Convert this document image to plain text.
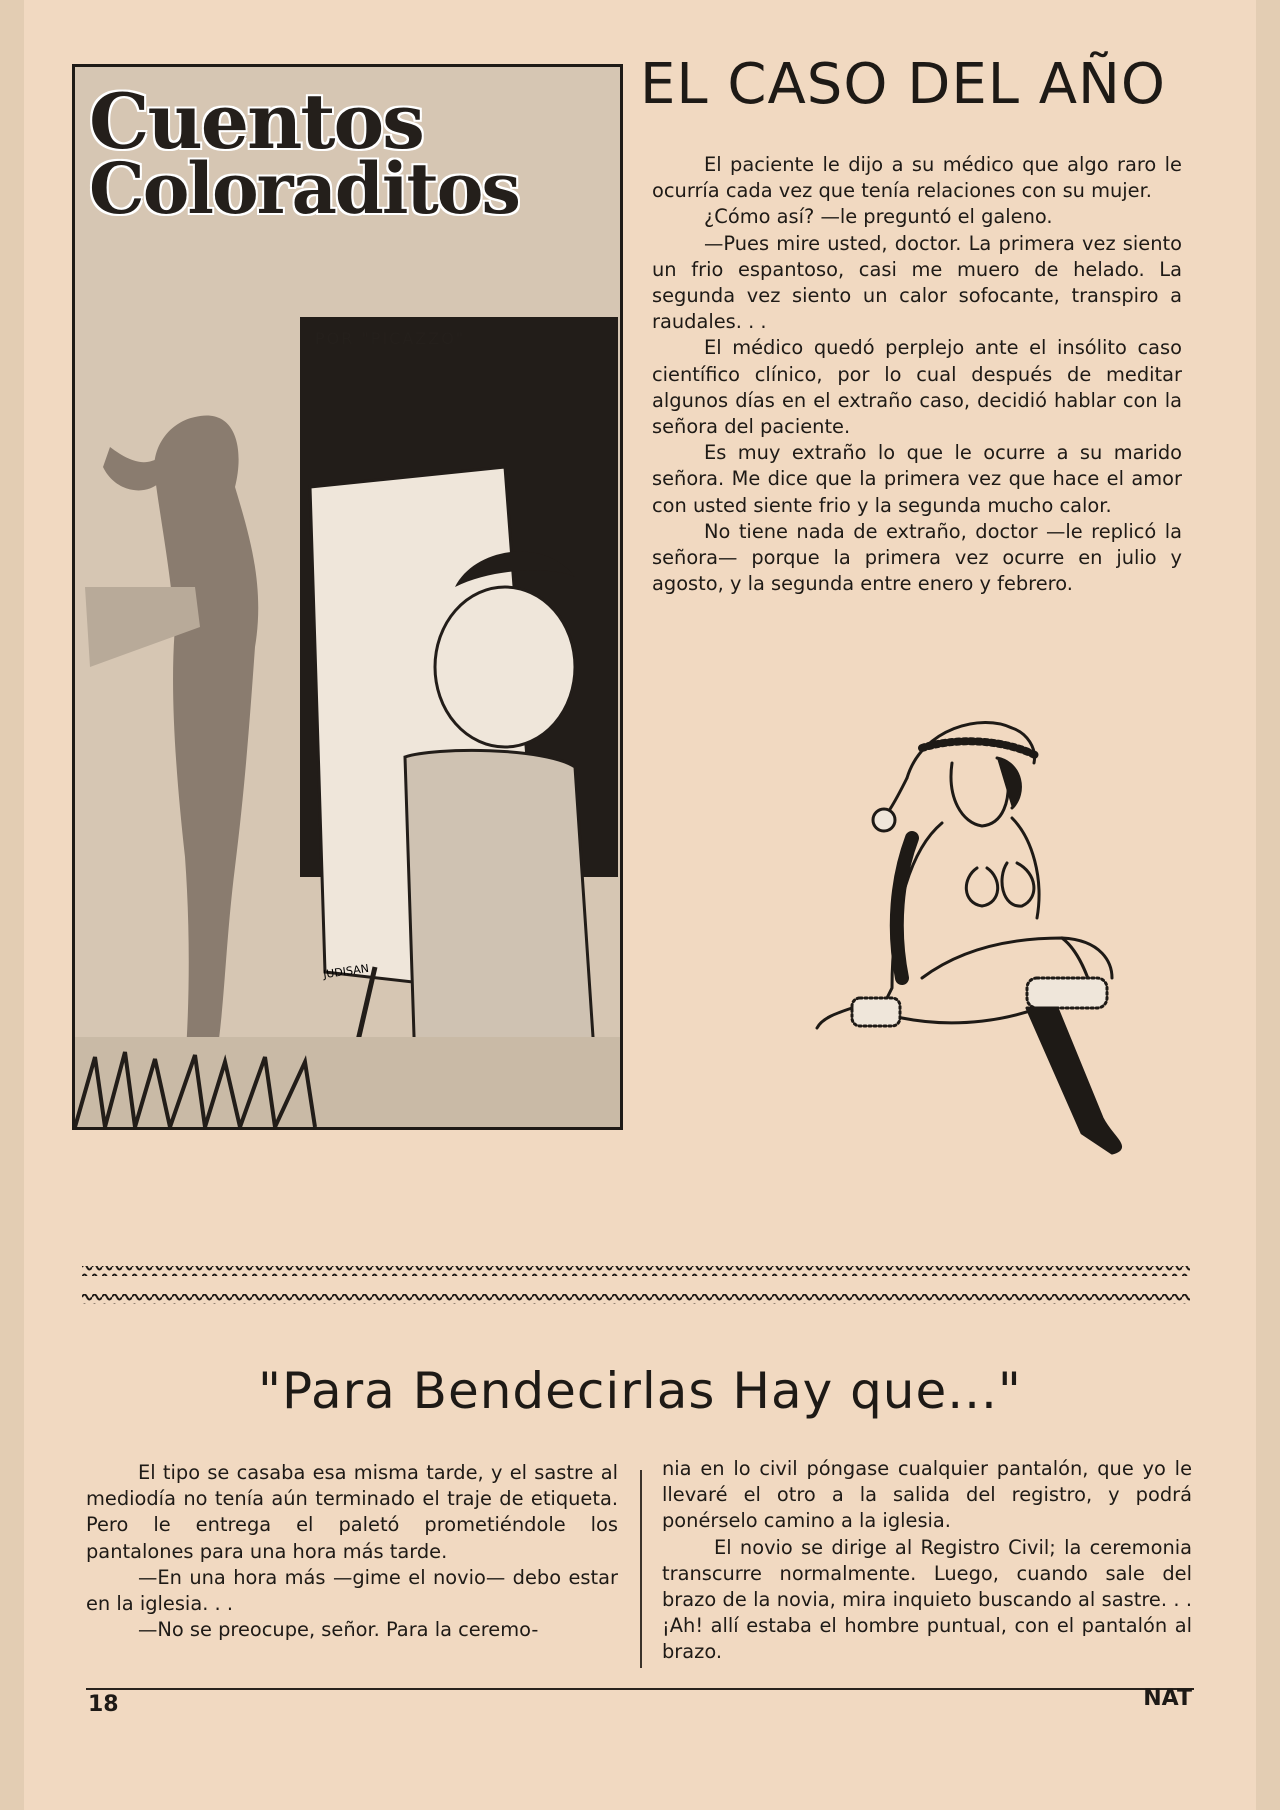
Cuentos
Coloraditos
POR "PICAZZO"
JUDISAN
EL CASO DEL AÑO

El paciente le dijo a su médico que algo raro le ocurría cada vez que tenía relaciones con su mujer.

¿Cómo así? —le preguntó el galeno.

—Pues mire usted, doctor. La primera vez siento un frio espantoso, casi me muero de helado. La segunda vez siento un calor sofocante, transpiro a raudales. . .

El médico quedó perplejo ante el insólito caso científico clínico, por lo cual después de meditar algunos días en el extraño caso, decidió hablar con la señora del paciente.

Es muy extraño lo que le ocurre a su marido señora. Me dice que la primera vez que hace el amor con usted siente frio y la segunda mucho calor.

No tiene nada de extraño, doctor —le replicó la señora— porque la primera vez ocurre en julio y agosto, y la segunda entre enero y febrero.

"Para Bendecirlas Hay que..."

El tipo se casaba esa misma tarde, y el sastre al mediodía no tenía aún terminado el traje de etiqueta. Pero le entrega el paletó prometiéndole los pantalones para una hora más tarde.

—En una hora más —gime el novio— debo estar en la iglesia. . .

—No se preocupe, señor. Para la ceremo-

nia en lo civil póngase cualquier pantalón, que yo le llevaré el otro a la salida del registro, y podrá ponérselo camino a la iglesia.

El novio se dirige al Registro Civil; la ceremonia transcurre normalmente. Luego, cuando sale del brazo de la novia, mira inquieto buscando al sastre. . . ¡Ah! allí estaba el hombre puntual, con el pantalón al brazo.

18	NAT
